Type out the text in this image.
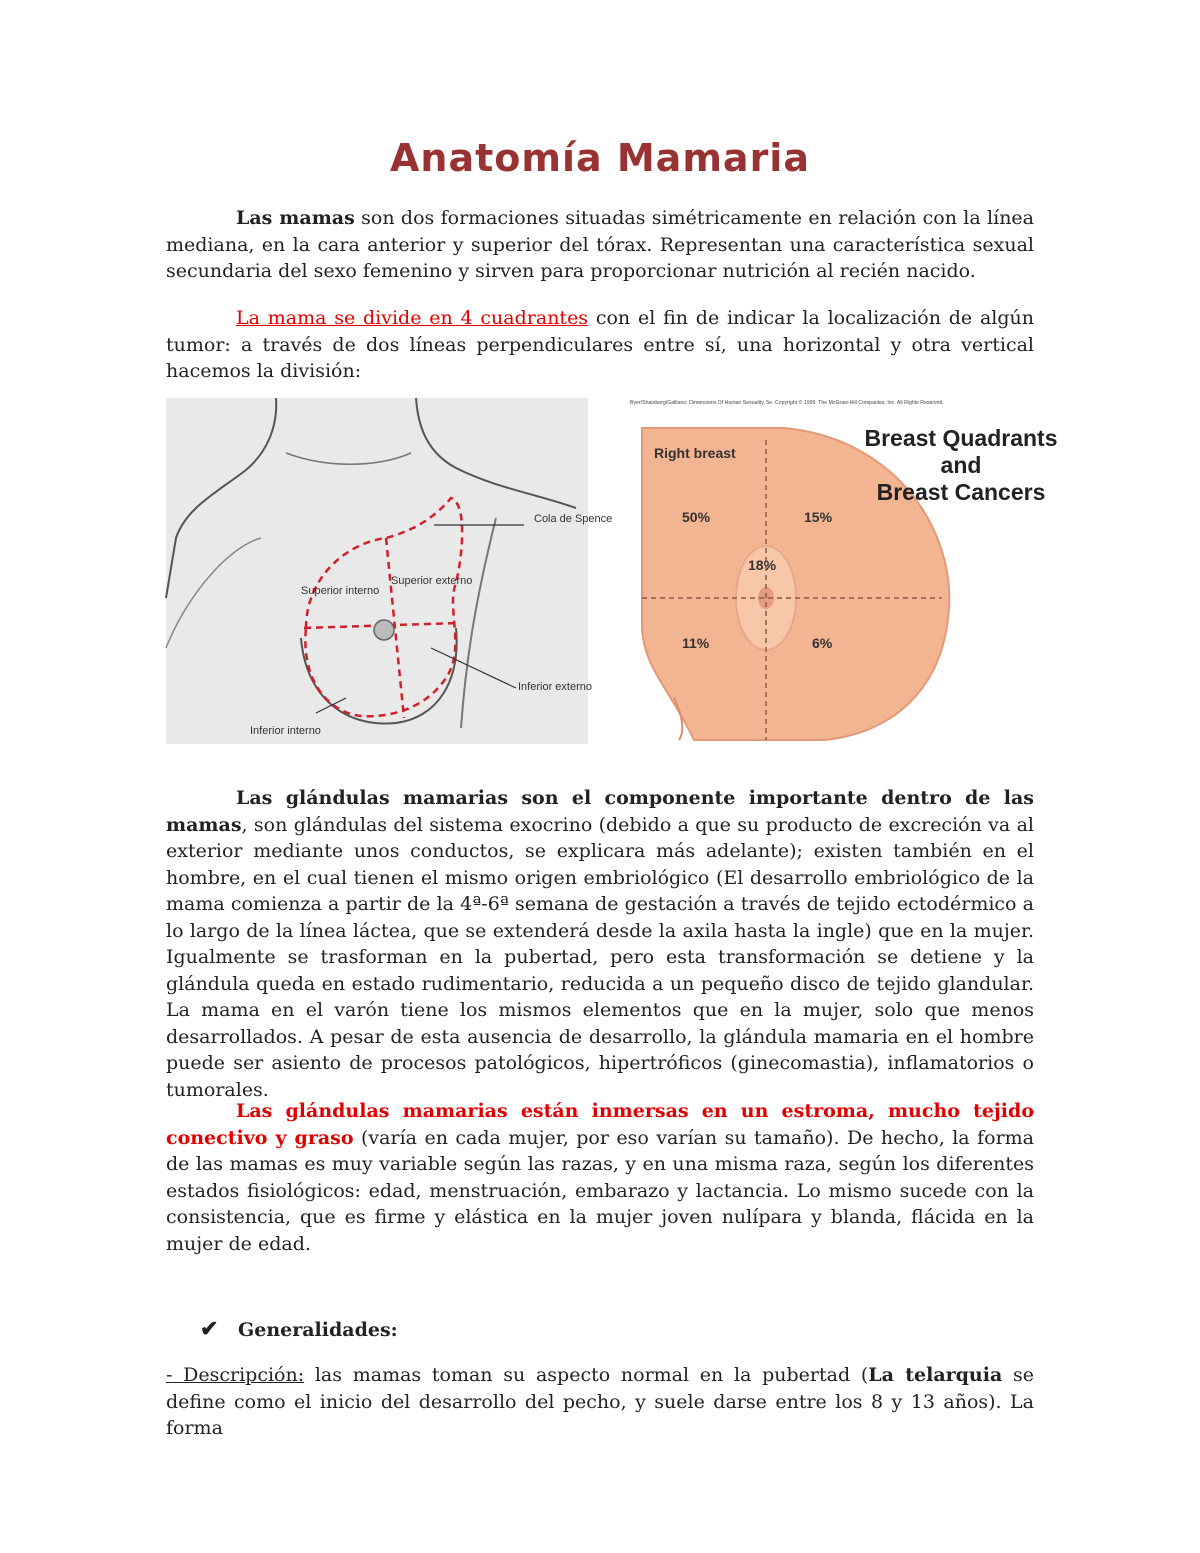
Anatomía Mamaria

Las mamas son dos formaciones situadas simétricamente en relación con la línea mediana, en la cara anterior y superior del tórax. Representan una característica sexual secundaria del sexo femenino y sirven para proporcionar nutrición al recién nacido.

La mama se divide en 4 cuadrantes con el fin de indicar la localización de algún tumor: a través de dos líneas perpendiculares entre sí, una horizontal y otra vertical hacemos la división:

Cola de Spence
Superior interno
Superior externo
Inferior externo
Inferior interno
Byer/Shainberg/Galliano: Dimensions Of Human Sexuality, 5e. Copyright © 1999. The McGraw-Hill Companies, Inc. All Rights Reserved.
Right breast
50%	15%
18%
11%	6%
Breast Quadrants
and
Breast Cancers

Las glándulas mamarias son el componente importante dentro de las mamas, son glándulas del sistema exocrino (debido a que su producto de excreción va al exterior mediante unos conductos, se explicara más adelante); existen también en el hombre, en el cual tienen el mismo origen embriológico (El desarrollo embriológico de la mama comienza a partir de la 4ª-6ª semana de gestación a través de tejido ectodérmico a lo largo de la línea láctea, que se extenderá desde la axila hasta la ingle) que en la mujer. Igualmente se trasforman en la pubertad, pero esta transformación se detiene y la glándula queda en estado rudimentario, reducida a un pequeño disco de tejido glandular. La mama en el varón tiene los mismos elementos que en la mujer, solo que menos desarrollados. A pesar de esta ausencia de desarrollo, la glándula mamaria en el hombre puede ser asiento de procesos patológicos, hipertróficos (ginecomastia), inflamatorios o tumorales.

Las glándulas mamarias están inmersas en un estroma, mucho tejido conectivo y graso (varía en cada mujer, por eso varían su tamaño). De hecho, la forma de las mamas es muy variable según las razas, y en una misma raza, según los diferentes estados fisiológicos: edad, menstruación, embarazo y lactancia. Lo mismo sucede con la consistencia, que es firme y elástica en la mujer joven nulípara y blanda, flácida en la mujer de edad.

✔ Generalidades:

- Descripción: las mamas toman su aspecto normal en la pubertad (La telarquia se define como el inicio del desarrollo del pecho, y suele darse entre los 8 y 13 años). La forma
